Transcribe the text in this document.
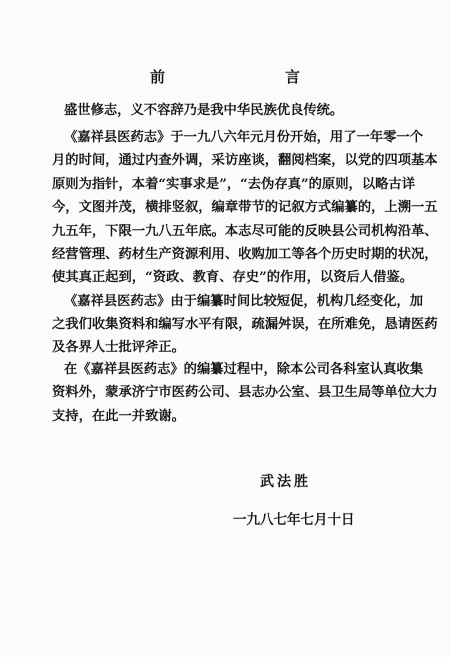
前	言
盛世修志，义不容辞乃是我中华民族优良传统。
《嘉祥县医药志》于一九八六年元月份开始，用了一年零一个
月的时间，通过内查外调，采访座谈，翻阅档案，以党的四项基本
原则为指针，本着“实事求是”，“去伪存真”的原则，以略古详
今，文图并茂，横排竖叙，编章带节的记叙方式编纂的，上溯一五
九五年，下限一九八五年底。本志尽可能的反映县公司机构沿革、
经营管理、药材生产资源利用、收购加工等各个历史时期的状况，
使其真正起到，“资政、教育、存史”的作用，以资后人借鉴。
《嘉祥县医药志》由于编纂时间比较短促，机构几经变化，加
之我们收集资料和编写水平有限，疏漏舛误，在所难免，恳请医药
及各界人士批评斧正。
在《嘉祥县医药志》的编纂过程中，除本公司各科室认真收集
资料外，蒙承济宁市医药公司、县志办公室、县卫生局等单位大力
支持，在此一并致谢。
武法胜
一九八七年七月十日
